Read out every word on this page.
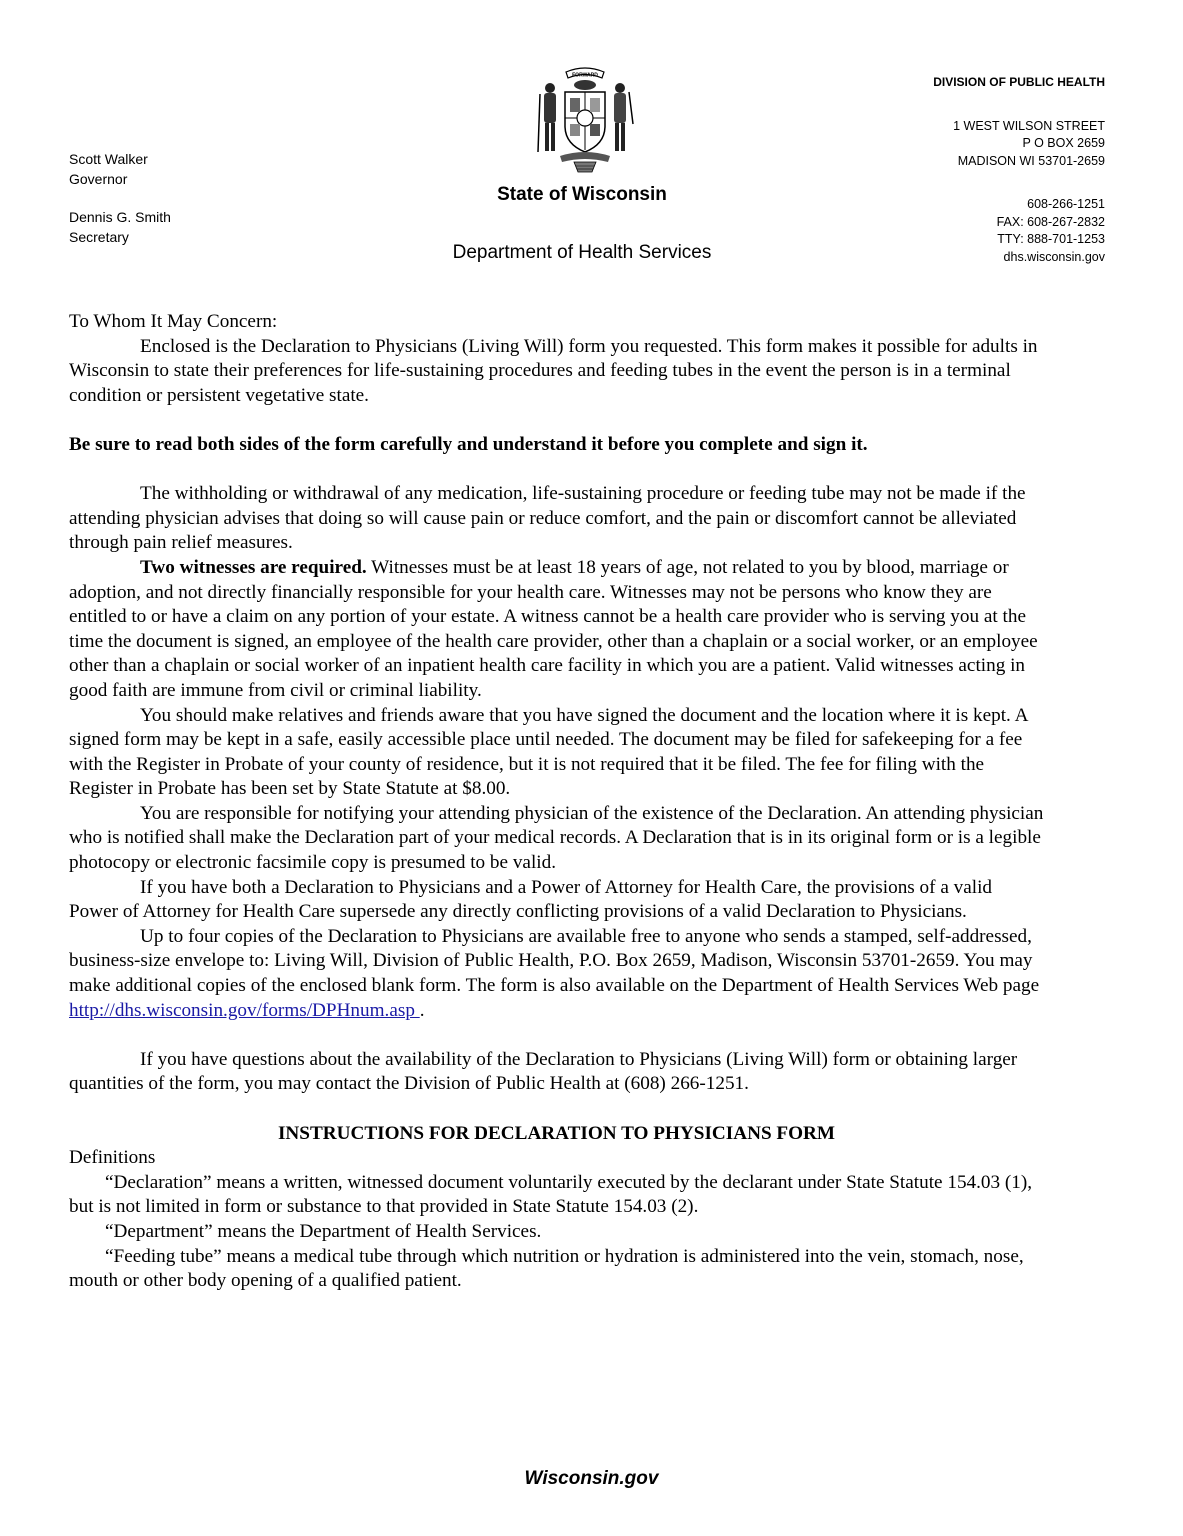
Scott Walker
Governor
Dennis G. Smith
Secretary
FORWARD
State of Wisconsin
Department of Health Services
DIVISION OF PUBLIC HEALTH
1 WEST WILSON STREET
P O BOX 2659
MADISON WI 53701-2659
608-266-1251
FAX: 608-267-2832
TTY: 888-701-1253
dhs.wisconsin.gov

To Whom It May Concern:

Enclosed is the Declaration to Physicians (Living Will) form you requested. This form makes it possible for adults in Wisconsin to state their preferences for life-sustaining procedures and feeding tubes in the event the person is in a terminal condition or persistent vegetative state.

Be sure to read both sides of the form carefully and understand it before you complete and sign it.

The withholding or withdrawal of any medication, life-sustaining procedure or feeding tube may not be made if the attending physician advises that doing so will cause pain or reduce comfort, and the pain or discomfort cannot be alleviated through pain relief measures.

Two witnesses are required. Witnesses must be at least 18 years of age, not related to you by blood, marriage or adoption, and not directly financially responsible for your health care. Witnesses may not be persons who know they are entitled to or have a claim on any portion of your estate. A witness cannot be a health care provider who is serving you at the time the document is signed, an employee of the health care provider, other than a chaplain or a social worker, or an employee other than a chaplain or social worker of an inpatient health care facility in which you are a patient. Valid witnesses acting in good faith are immune from civil or criminal liability.

You should make relatives and friends aware that you have signed the document and the location where it is kept. A signed form may be kept in a safe, easily accessible place until needed. The document may be filed for safekeeping for a fee with the Register in Probate of your county of residence, but it is not required that it be filed. The fee for filing with the Register in Probate has been set by State Statute at $8.00.

You are responsible for notifying your attending physician of the existence of the Declaration. An attending physician who is notified shall make the Declaration part of your medical records. A Declaration that is in its original form or is a legible photocopy or electronic facsimile copy is presumed to be valid.

If you have both a Declaration to Physicians and a Power of Attorney for Health Care, the provisions of a valid Power of Attorney for Health Care supersede any directly conflicting provisions of a valid Declaration to Physicians.

Up to four copies of the Declaration to Physicians are available free to anyone who sends a stamped, self-addressed, business-size envelope to: Living Will, Division of Public Health, P.O. Box 2659, Madison, Wisconsin 53701-2659. You may make additional copies of the enclosed blank form. The form is also available on the Department of Health Services Web page http://dhs.wisconsin.gov/forms/DPHnum.asp .

If you have questions about the availability of the Declaration to Physicians (Living Will) form or obtaining larger quantities of the form, you may contact the Division of Public Health at (608) 266-1251.

INSTRUCTIONS FOR DECLARATION TO PHYSICIANS FORM

Definitions

“Declaration” means a written, witnessed document voluntarily executed by the declarant under State Statute 154.03 (1), but is not limited in form or substance to that provided in State Statute 154.03 (2).

“Department” means the Department of Health Services.

“Feeding tube” means a medical tube through which nutrition or hydration is administered into the vein, stomach, nose, mouth or other body opening of a qualified patient.

Wisconsin.gov
